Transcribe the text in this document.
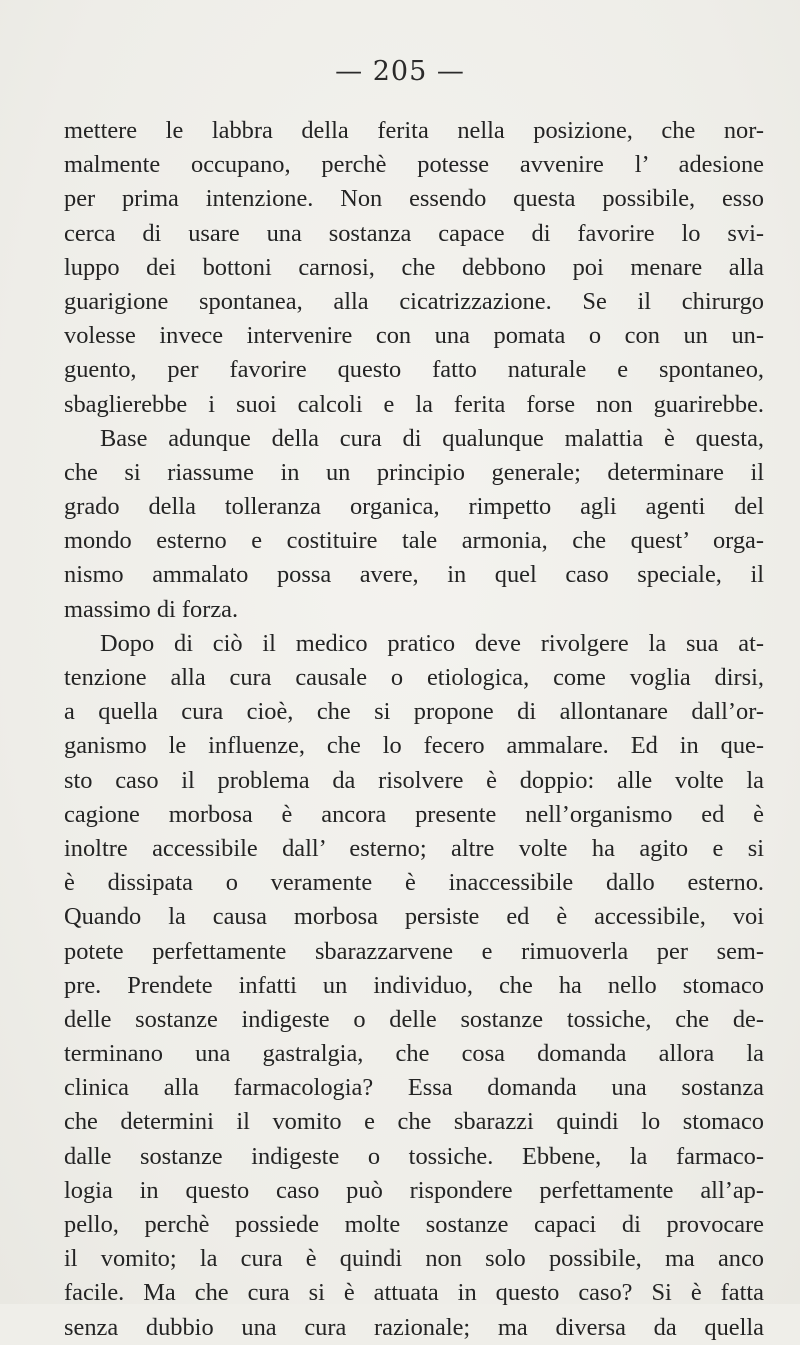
— 205 —
mettere le labbra della ferita nella posizione, che nor-
malmente occupano, perchè potesse avvenire l’ adesione
per prima intenzione. Non essendo questa possibile, esso
cerca di usare una sostanza capace di favorire lo svi-
luppo dei bottoni carnosi, che debbono poi menare alla
guarigione spontanea, alla cicatrizzazione. Se il chirurgo
volesse invece intervenire con una pomata o con un un-
guento, per favorire questo fatto naturale e spontaneo,
sbaglierebbe i suoi calcoli e la ferita forse non guarirebbe.
Base adunque della cura di qualunque malattia è questa,
che si riassume in un principio generale; determinare il
grado della tolleranza organica, rimpetto agli agenti del
mondo esterno e costituire tale armonia, che quest’ orga-
nismo ammalato possa avere, in quel caso speciale, il
massimo di forza.
Dopo di ciò il medico pratico deve rivolgere la sua at-
tenzione alla cura causale o etiologica, come voglia dirsi,
a quella cura cioè, che si propone di allontanare dall’or-
ganismo le influenze, che lo fecero ammalare. Ed in que-
sto caso il problema da risolvere è doppio: alle volte la
cagione morbosa è ancora presente nell’organismo ed è
inoltre accessibile dall’ esterno; altre volte ha agito e si
è dissipata o veramente è inaccessibile dallo esterno.
Quando la causa morbosa persiste ed è accessibile, voi
potete perfettamente sbarazzarvene e rimuoverla per sem-
pre. Prendete infatti un individuo, che ha nello stomaco
delle sostanze indigeste o delle sostanze tossiche, che de-
terminano una gastralgia, che cosa domanda allora la
clinica alla farmacologia? Essa domanda una sostanza
che determini il vomito e che sbarazzi quindi lo stomaco
dalle sostanze indigeste o tossiche. Ebbene, la farmaco-
logia in questo caso può rispondere perfettamente all’ap-
pello, perchè possiede molte sostanze capaci di provocare
il vomito; la cura è quindi non solo possibile, ma anco
facile. Ma che cura si è attuata in questo caso? Si è fatta
senza dubbio una cura razionale; ma diversa da quella
